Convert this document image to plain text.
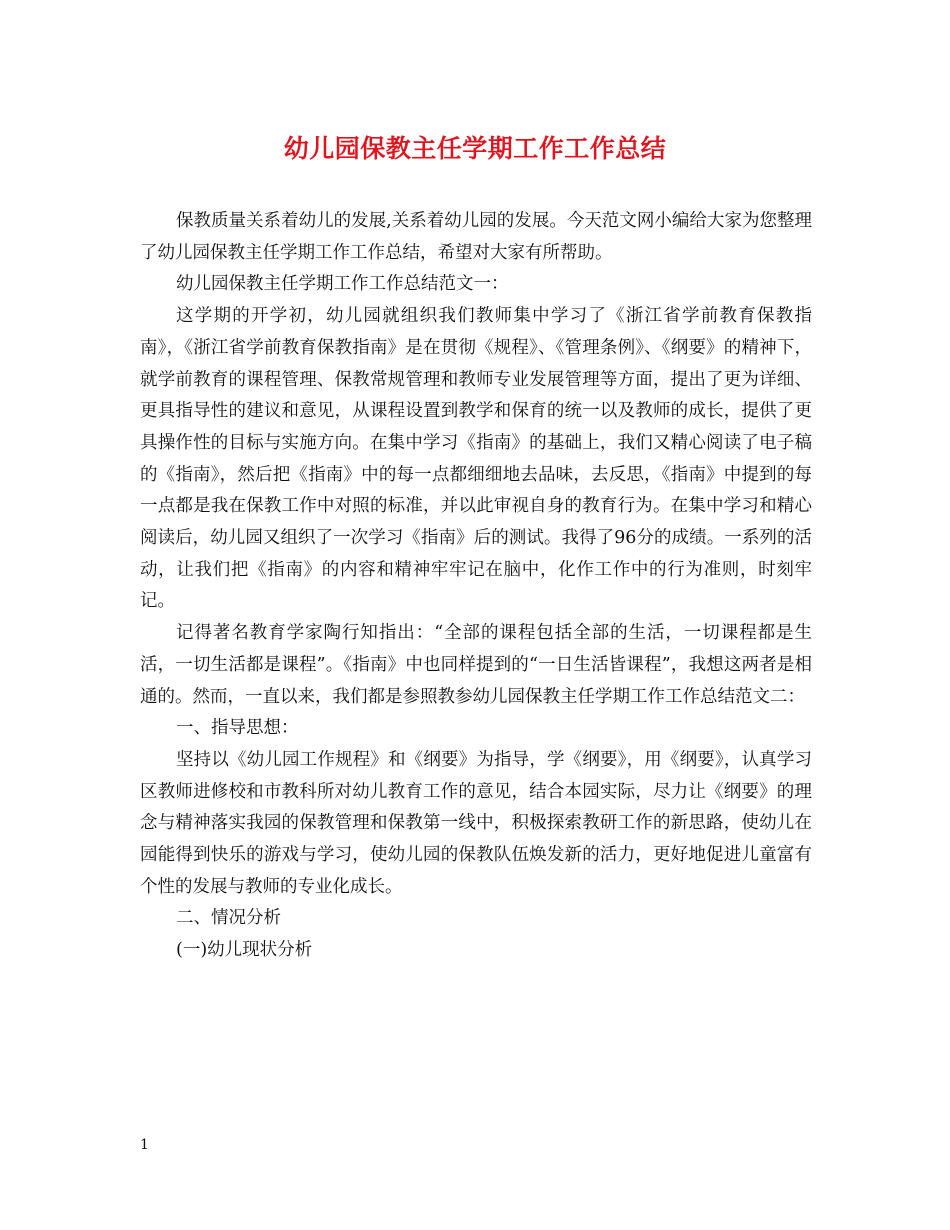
幼儿园保教主任学期工作工作总结

保教质量关系着幼儿的发展,关系着幼儿园的发展。今天范文网小编给大家为您整理了幼儿园保教主任学期工作工作总结，希望对大家有所帮助。

幼儿园保教主任学期工作工作总结范文一：

这学期的开学初，幼儿园就组织我们教师集中学习了《浙江省学前教育保教指南》，《浙江省学前教育保教指南》是在贯彻《规程》、《管理条例》、《纲要》的精神下，就学前教育的课程管理、保教常规管理和教师专业发展管理等方面，提出了更为详细、更具指导性的建议和意见，从课程设置到教学和保育的统一以及教师的成长，提供了更具操作性的目标与实施方向。在集中学习《指南》的基础上，我们又精心阅读了电子稿的《指南》，然后把《指南》中的每一点都细细地去品味，去反思，《指南》中提到的每一点都是我在保教工作中对照的标准，并以此审视自身的教育行为。在集中学习和精心阅读后，幼儿园又组织了一次学习《指南》后的测试。我得了96分的成绩。一系列的活动，让我们把《指南》的内容和精神牢牢记在脑中，化作工作中的行为准则，时刻牢记。

记得著名教育学家陶行知指出：“全部的课程包括全部的生活，一切课程都是生活，一切生活都是课程”。《指南》中也同样提到的“一日生活皆课程”，我想这两者是相通的。然而，一直以来，我们都是参照教参幼儿园保教主任学期工作工作总结范文二：

一、指导思想：

坚持以《幼儿园工作规程》和《纲要》为指导，学《纲要》，用《纲要》，认真学习区教师进修校和市教科所对幼儿教育工作的意见，结合本园实际，尽力让《纲要》的理念与精神落实我园的保教管理和保教第一线中，积极探索教研工作的新思路，使幼儿在园能得到快乐的游戏与学习，使幼儿园的保教队伍焕发新的活力，更好地促进儿童富有个性的发展与教师的专业化成长。

二、情况分析

(一)幼儿现状分析

1
